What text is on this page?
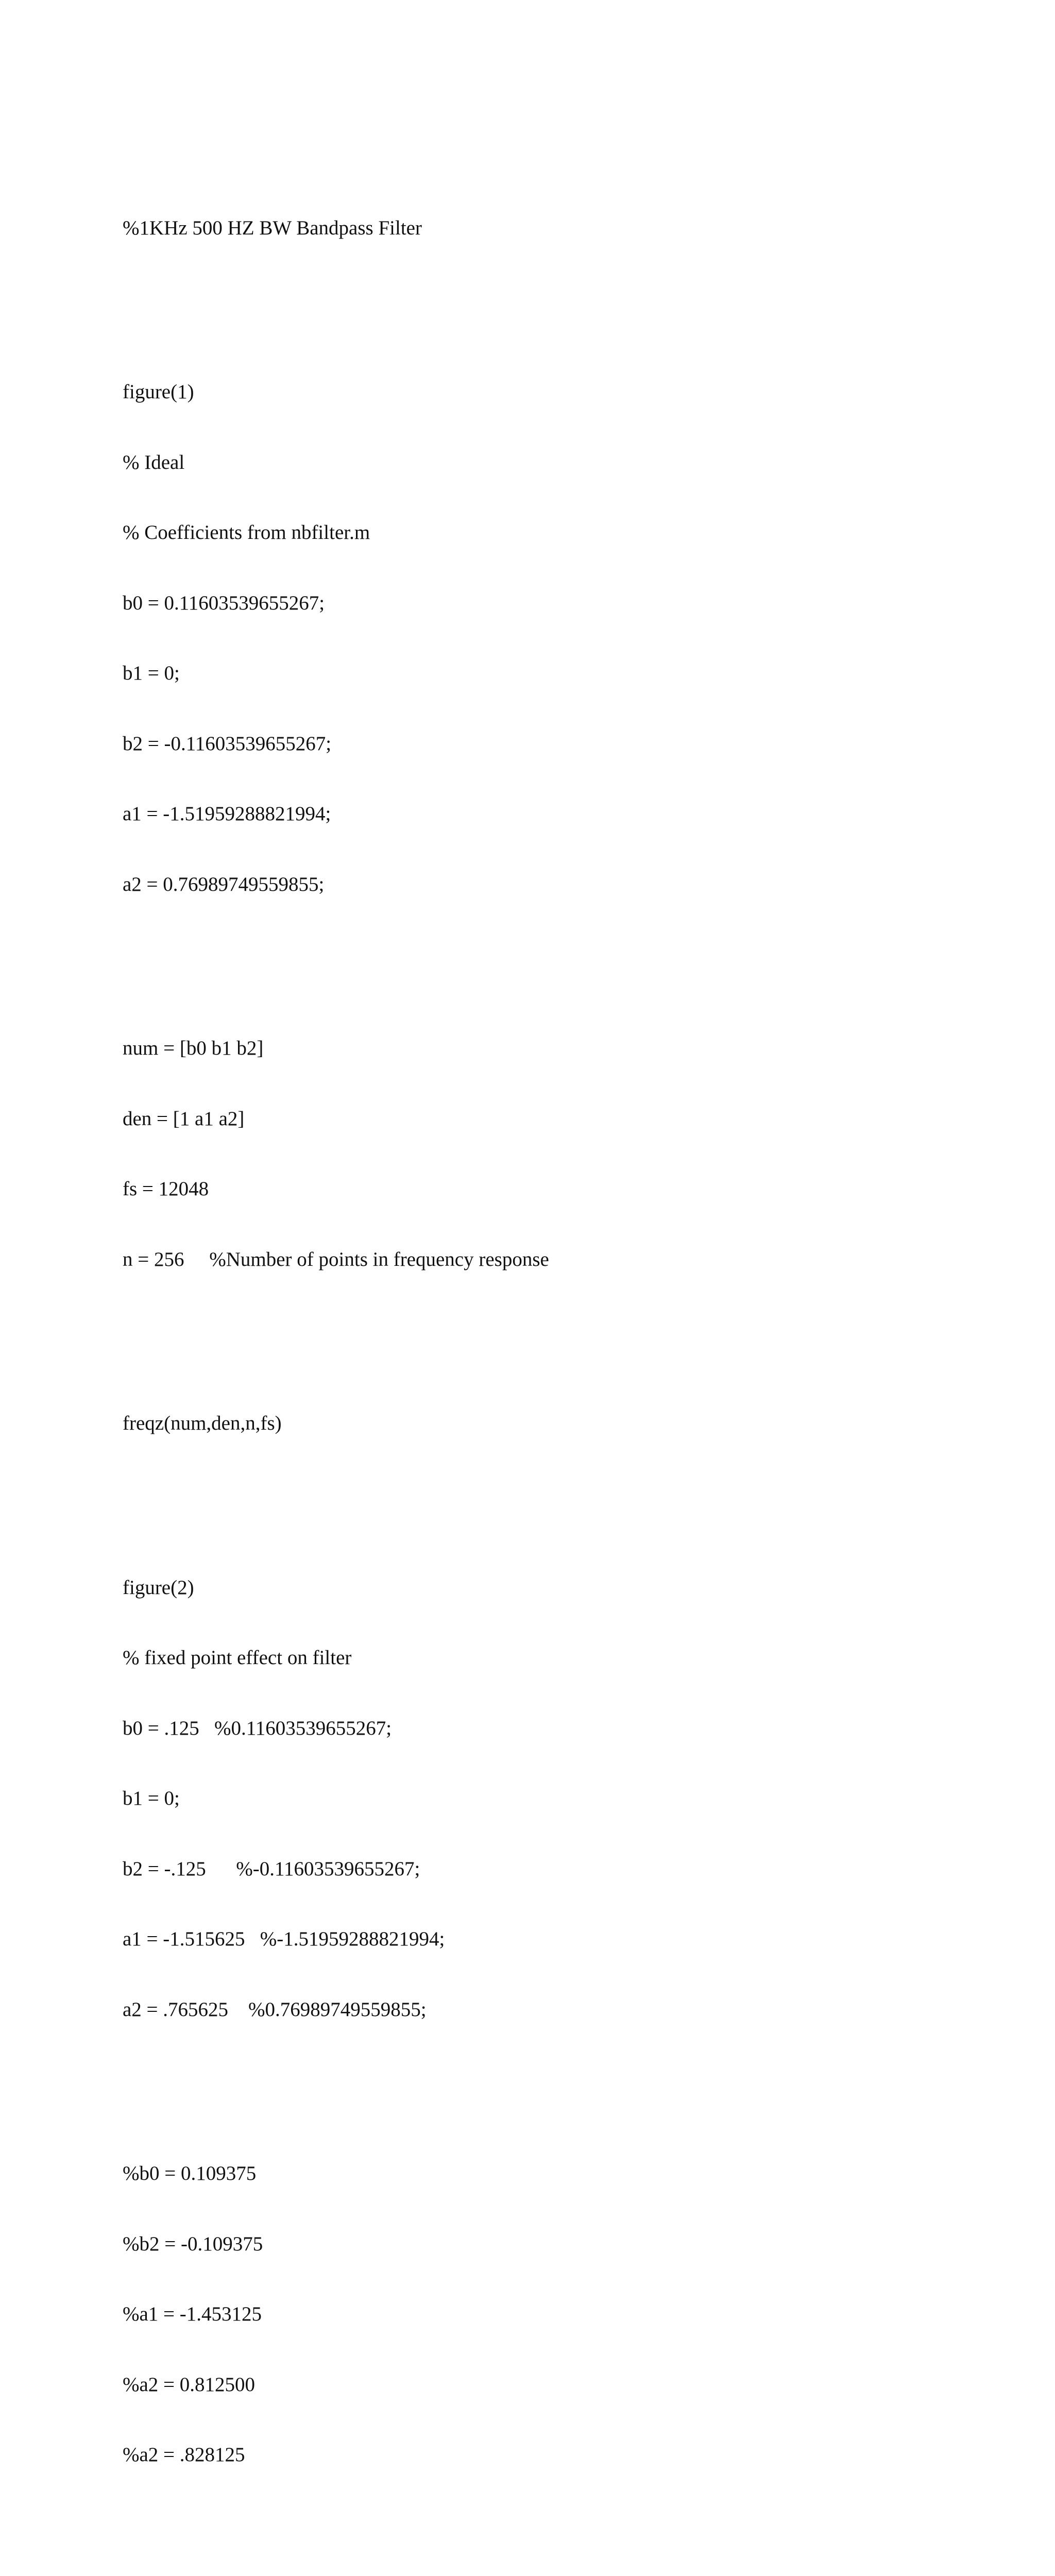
%1KHz 500 HZ BW Bandpass Filter

figure(1)

% Ideal

% Coefficients from nbfilter.m

b0 = 0.11603539655267;

b1 = 0;

b2 = -0.11603539655267;

a1 = -1.51959288821994;

a2 = 0.76989749559855;

num = [b0 b1 b2]

den = [1 a1 a2]

fs = 12048

n = 256     %Number of points in frequency response

freqz(num,den,n,fs)

figure(2)

% fixed point effect on filter

b0 = .125   %0.11603539655267;

b1 = 0;

b2 = -.125      %-0.11603539655267;

a1 = -1.515625   %-1.51959288821994;

a2 = .765625    %0.76989749559855;

%b0 = 0.109375

%b2 = -0.109375

%a1 = -1.453125

%a2 = 0.812500

%a2 = .828125
